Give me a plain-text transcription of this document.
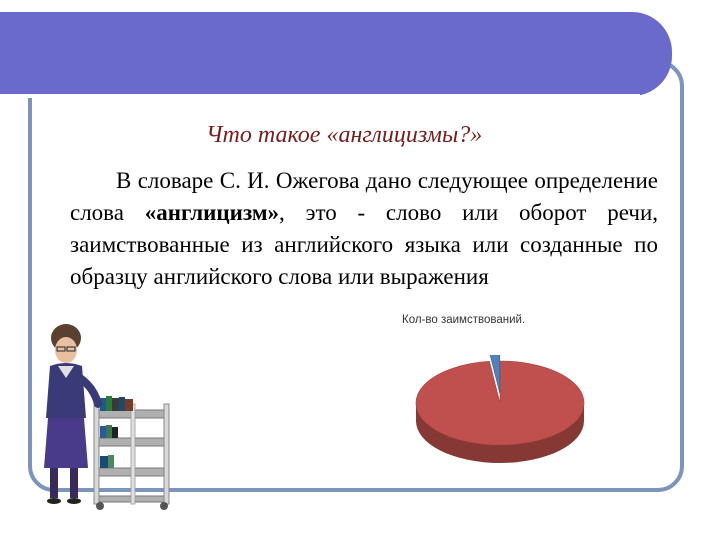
Что такое «англицизмы?»
В словаре С. И. Ожегова дано следующее определение слова «англицизм», это - слово или оборот речи, заимствованные из английского языка или созданные по образцу английского слова или выражения
Кол-во заимствований.
